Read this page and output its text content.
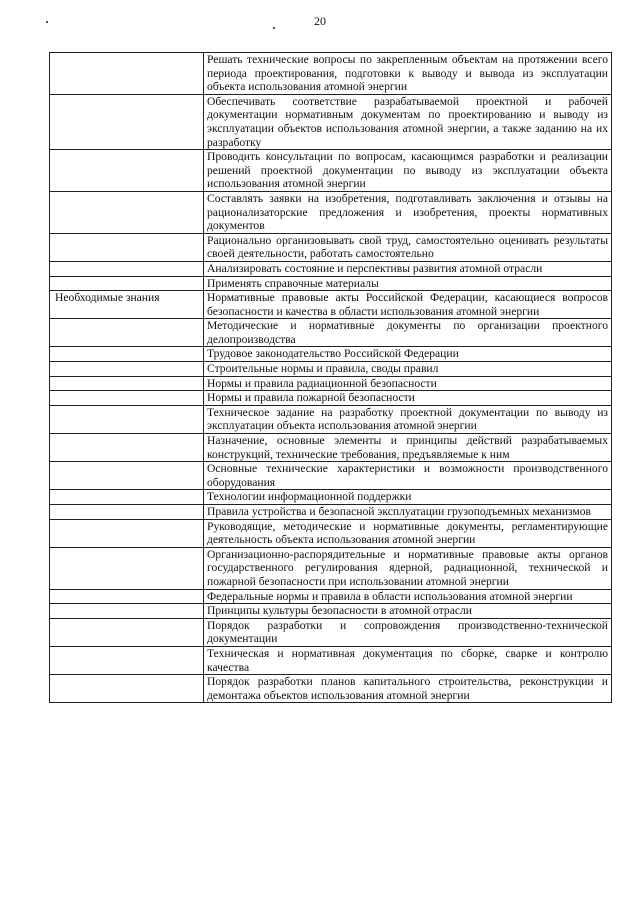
20
	Решать технические вопросы по закрепленным объектам на протяжении всего периода проектирования, подготовки к выводу и вывода из эксплуатации объекта использования атомной энергии
	Обеспечивать соответствие разрабатываемой проектной и рабочей документации нормативным документам по проектированию и выводу из эксплуатации объектов использования атомной энергии, а также заданию на их разработку
	Проводить консультации по вопросам, касающимся разработки и реализации решений проектной документации по выводу из эксплуатации объекта использования атомной энергии
	Составлять заявки на изобретения, подготавливать заключения и отзывы на рационализаторские предложения и изобретения, проекты нормативных документов
	Рационально организовывать свой труд, самостоятельно оценивать результаты своей деятельности, работать самостоятельно
	Анализировать состояние и перспективы развития атомной отрасли
	Применять справочные материалы

Необходимые знания	Нормативные правовые акты Российской Федерации, касающиеся вопросов безопасности и качества в области использования атомной энергии
	Методические и нормативные документы по организации проектного делопроизводства
	Трудовое законодательство Российской Федерации
	Строительные нормы и правила, своды правил
	Нормы и правила радиационной безопасности
	Нормы и правила пожарной безопасности
	Техническое задание на разработку проектной документации по выводу из эксплуатации объекта использования атомной энергии
	Назначение, основные элементы и принципы действий разрабатываемых конструкций, технические требования, предъявляемые к ним
	Основные технические характеристики и возможности производственного оборудования
	Технологии информационной поддержки
	Правила устройства и безопасной эксплуатации грузоподъемных механизмов
	Руководящие, методические и нормативные документы, регламентирующие деятельность объекта использования атомной энергии
	Организационно-распорядительные и нормативные правовые акты органов государственного регулирования ядерной, радиационной, технической и пожарной безопасности при использовании атомной энергии
	Федеральные нормы и правила в области использования атомной энергии
	Принципы культуры безопасности в атомной отрасли
	Порядок разработки и сопровождения производственно-технической документации
	Техническая и нормативная документация по сборке, сварке и контролю качества
	Порядок разработки планов капитального строительства, реконструкции и демонтажа объектов использования атомной энергии
